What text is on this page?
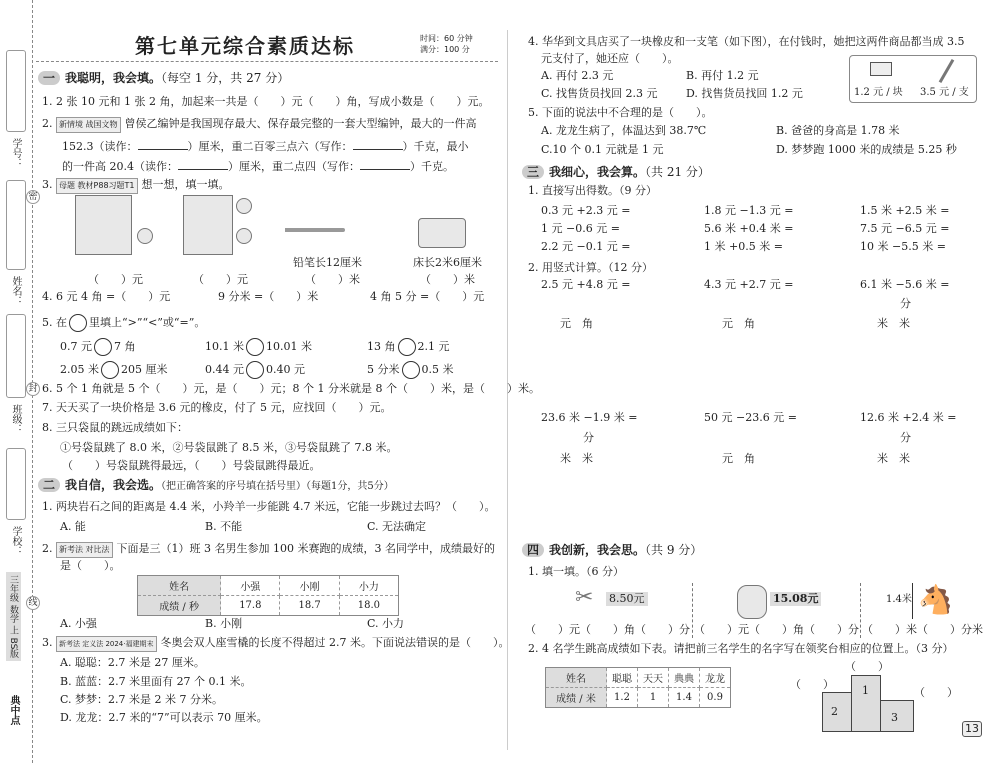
学号：
姓名：
班级：
学校：
密
封
线
三年级 数学 上 BS版
典中点
第七单元综合素质达标	时间：60 分钟
满分：100 分
一 我聪明，我会填。（每空 1 分，共 27 分）
1. 2 张 10 元和 1 张 2 角，加起来一共是（　　）元（　　）角，写成小数是（　　）元。
2. 新情境 战国文物 曾侯乙编钟是我国现存最大、保存最完整的一套大型编钟，最大的一件高
152.3（读作：	）厘米，重二百零三点六（写作：	）千克，最小
的一件高 20.4（读作：	）厘米，重二点四（写作：	）千克。
3. 母题 教材P88习题T1 想一想，填一填。
铅笔长12厘米	床长2米6厘米
（　　）元	（　　）元	（　　）米	（　　）米
4. 6 元 4 角 =（　　）元	9 分米 =（　　）米	4 角 5 分 =（　　）元
5. 在 里填上“>”“<”或“=”。
0.7 元 7 角	10.1 米 10.01 米	13 角 2.1 元
2.05 米 205 厘米	0.44 元 0.40 元	5 分米 0.5 米
6. 5 个 1 角就是 5 个（　　）元，是（　　）元；8 个 1 分米就是 8 个（　　）米，是（　　）米。
7. 天天买了一块价格是 3.6 元的橡皮，付了 5 元，应找回（　　）元。
8. 三只袋鼠的跳远成绩如下：
①号袋鼠跳了 8.0 米，②号袋鼠跳了 8.5 米，③号袋鼠跳了 7.8 米。
（　　）号袋鼠跳得最远，（　　）号袋鼠跳得最近。
二 我自信，我会选。（把正确答案的序号填在括号里）（每题1分，共5分）
1. 两块岩石之间的距离是 4.4 米，小羚羊一步能跳 4.7 米远，它能一步跳过去吗？（　　）。
A. 能	B. 不能	C. 无法确定
2. 新考法 对比法 下面是三（1）班 3 名男生参加 100 米赛跑的成绩，3 名同学中，成绩最好的
是（　　）。
姓名	小强	小刚	小力
成绩 / 秒	17.8	18.7	18.0
A. 小强	B. 小刚	C. 小力
3. 新考法 定义法 2024·福建期末 冬奥会双人座雪橇的长度不得超过 2.7 米。下面说法错误的是（　　）。
A. 聪聪：2.7 米是 27 厘米。
B. 蓝蓝：2.7 米里面有 27 个 0.1 米。
C. 梦梦：2.7 米是 2 米 7 分米。
D. 龙龙：2.7 米的“7”可以表示 70 厘米。
4. 华华到文具店买了一块橡皮和一支笔（如下图），在付钱时，她把这两件商品都当成 3.5
元支付了，她还应（　　）。
A. 再付 2.3 元	B. 再付 1.2 元
C. 找售货员找回 2.3 元	D. 找售货员找回 1.2 元	1.2 元 / 块 3.5 元 / 支
5. 下面的说法中不合理的是（　　）。
A. 龙龙生病了，体温达到 38.7℃	B. 爸爸的身高是 1.78 米
C.10 个 0.1 元就是 1 元	D. 梦梦跑 1000 米的成绩是 5.25 秒
三 我细心，我会算。（共 21 分）
1. 直接写出得数。（9 分）
0.3 元 +2.3 元 =	1.8 元 −1.3 元 =	1.5 米 +2.5 米 =
1 元 −0.6 元 =	5.6 米 +0.4 米 =	7.5 元 −6.5 元 =
2.2 元 −0.1 元 =	1 米 +0.5 米 =	10 米 −5.5 米 =
2. 用竖式计算。（12 分）
2.5 元 +4.8 元 =	4.3 元 +2.7 元 =	6.1 米 −5.6 米 =
分
元　角	元　角	米　米
23.6 米 −1.9 米 =	50 元 −23.6 元 =	12.6 米 +2.4 米 =
分	分
米　米	元　角	米　米
四 我创新，我会思。（共 9 分）
1. 填一填。（6 分）
✂ 8.50元	15.08元	1.4米 🐴
（　　）元（　　）角（　　）分 （　　）元（　　）角（　　）分 （　　）米（　　）分米
2. 4 名学生跳高成绩如下表。请把前三名学生的名字写在领奖台相应的位置上。（3 分）
姓名	聪聪	天天	典典	龙龙
成绩 / 米	1.2	1	1.4	0.9
2
1
3
（　　）
（　　）
（　　）
13
